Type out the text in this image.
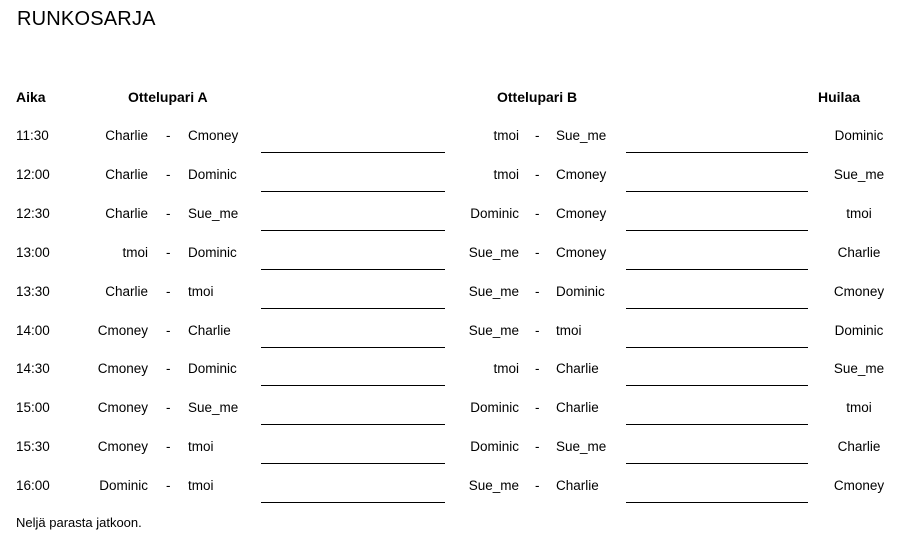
RUNKOSARJA
Aika	Ottelupari A	Ottelupari B	Huilaa
11:30	Charlie - Cmoney	tmoi - Sue_me	Dominic
12:00	Charlie - Dominic	tmoi - Cmoney	Sue_me
12:30	Charlie - Sue_me	Dominic - Cmoney	tmoi
13:00	tmoi - Dominic	Sue_me - Cmoney	Charlie
13:30	Charlie - tmoi	Sue_me - Dominic	Cmoney
14:00	Cmoney - Charlie	Sue_me - tmoi	Dominic
14:30	Cmoney - Dominic	tmoi - Charlie	Sue_me
15:00	Cmoney - Sue_me	Dominic - Charlie	tmoi
15:30	Cmoney - tmoi	Dominic - Sue_me	Charlie
16:00	Dominic - tmoi	Sue_me - Charlie	Cmoney
Neljä parasta jatkoon.
